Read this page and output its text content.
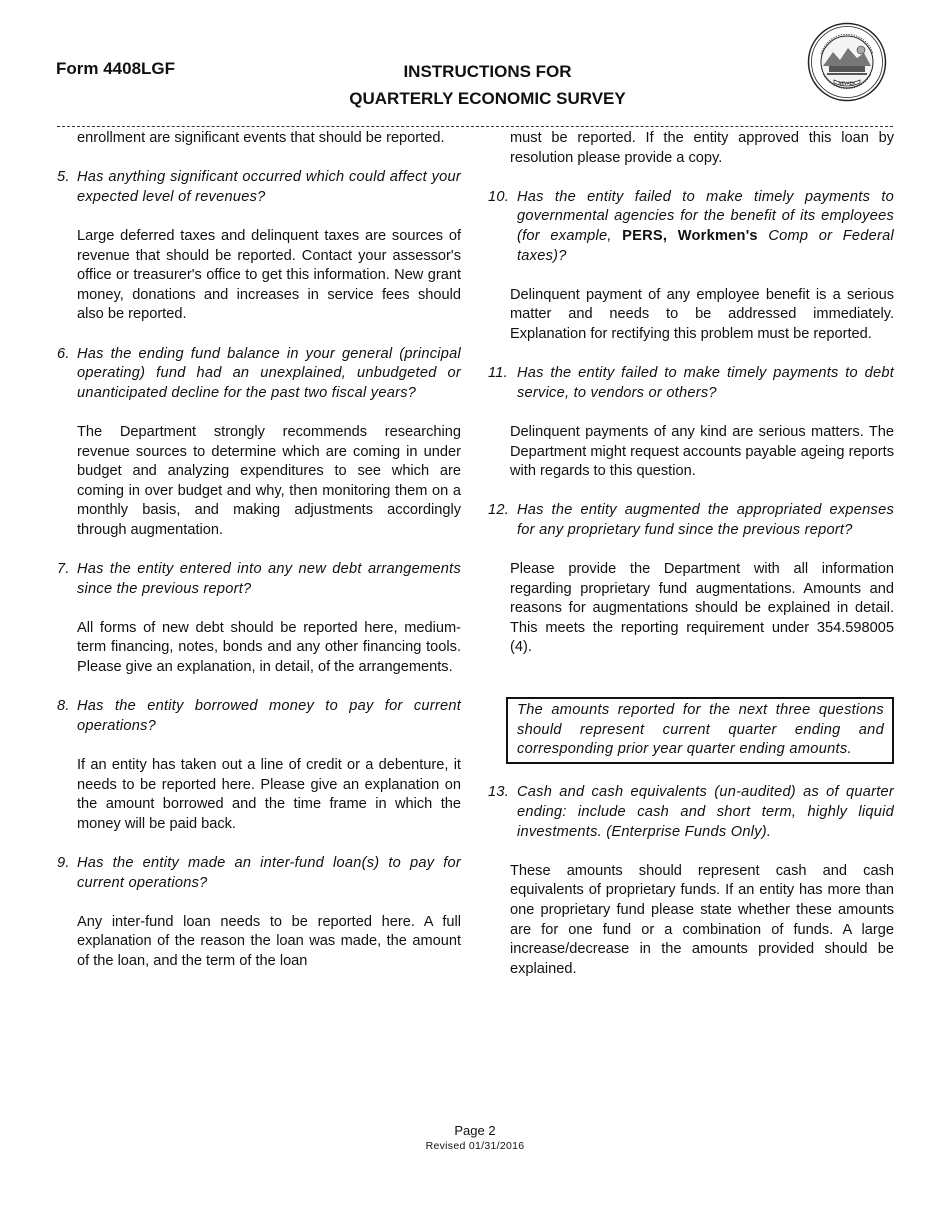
Form 4408LGF	INSTRUCTIONS FOR
QUARTERLY ECONOMIC SURVEY
NEVADA
enrollment are significant events that should be reported.
5. Has anything significant occurred which could affect your expected level of revenues?
Large deferred taxes and delinquent taxes are sources of revenue that should be reported. Contact your assessor's office or treasurer's office to get this information. New grant money, donations and increases in service fees should also be reported.
6. Has the ending fund balance in your general (principal operating) fund had an unexplained, unbudgeted or unanticipated decline for the past two fiscal years?
The Department strongly recommends researching revenue sources to determine which are coming in under budget and analyzing expenditures to see which are coming in over budget and why, then monitoring them on a monthly basis, and making adjustments accordingly through augmentation.
7. Has the entity entered into any new debt arrangements since the previous report?
All forms of new debt should be reported here, medium-term financing, notes, bonds and any other financing tools. Please give an explanation, in detail, of the arrangements.
8. Has the entity borrowed money to pay for current operations?
If an entity has taken out a line of credit or a debenture, it needs to be reported here. Please give an explanation on the amount borrowed and the time frame in which the money will be paid back.
9. Has the entity made an inter-fund loan(s) to pay for current operations?
Any inter-fund loan needs to be reported here. A full explanation of the reason the loan was made, the amount of the loan, and the term of the loan
must be reported. If the entity approved this loan by resolution please provide a copy.
10. Has the entity failed to make timely payments to governmental agencies for the benefit of its employees (for example, PERS, Workmen's Comp or Federal taxes)?
Delinquent payment of any employee benefit is a serious matter and needs to be addressed immediately. Explanation for rectifying this problem must be reported.
11. Has the entity failed to make timely payments to debt service, to vendors or others?
Delinquent payments of any kind are serious matters. The Department might request accounts payable ageing reports with regards to this question.
12. Has the entity augmented the appropriated expenses for any proprietary fund since the previous report?
Please provide the Department with all information regarding proprietary fund augmentations. Amounts and reasons for augmentations should be explained in detail. This meets the reporting requirement under 354.598005 (4).
The amounts reported for the next three questions should represent current quarter ending and corresponding prior year quarter ending amounts.
13. Cash and cash equivalents (un-audited) as of quarter ending: include cash and short term, highly liquid investments. (Enterprise Funds Only).
These amounts should represent cash and cash equivalents of proprietary funds. If an entity has more than one proprietary fund please state whether these amounts are for one fund or a combination of funds. A large increase/decrease in the amounts provided should be explained.
Page 2
Revised 01/31/2016
